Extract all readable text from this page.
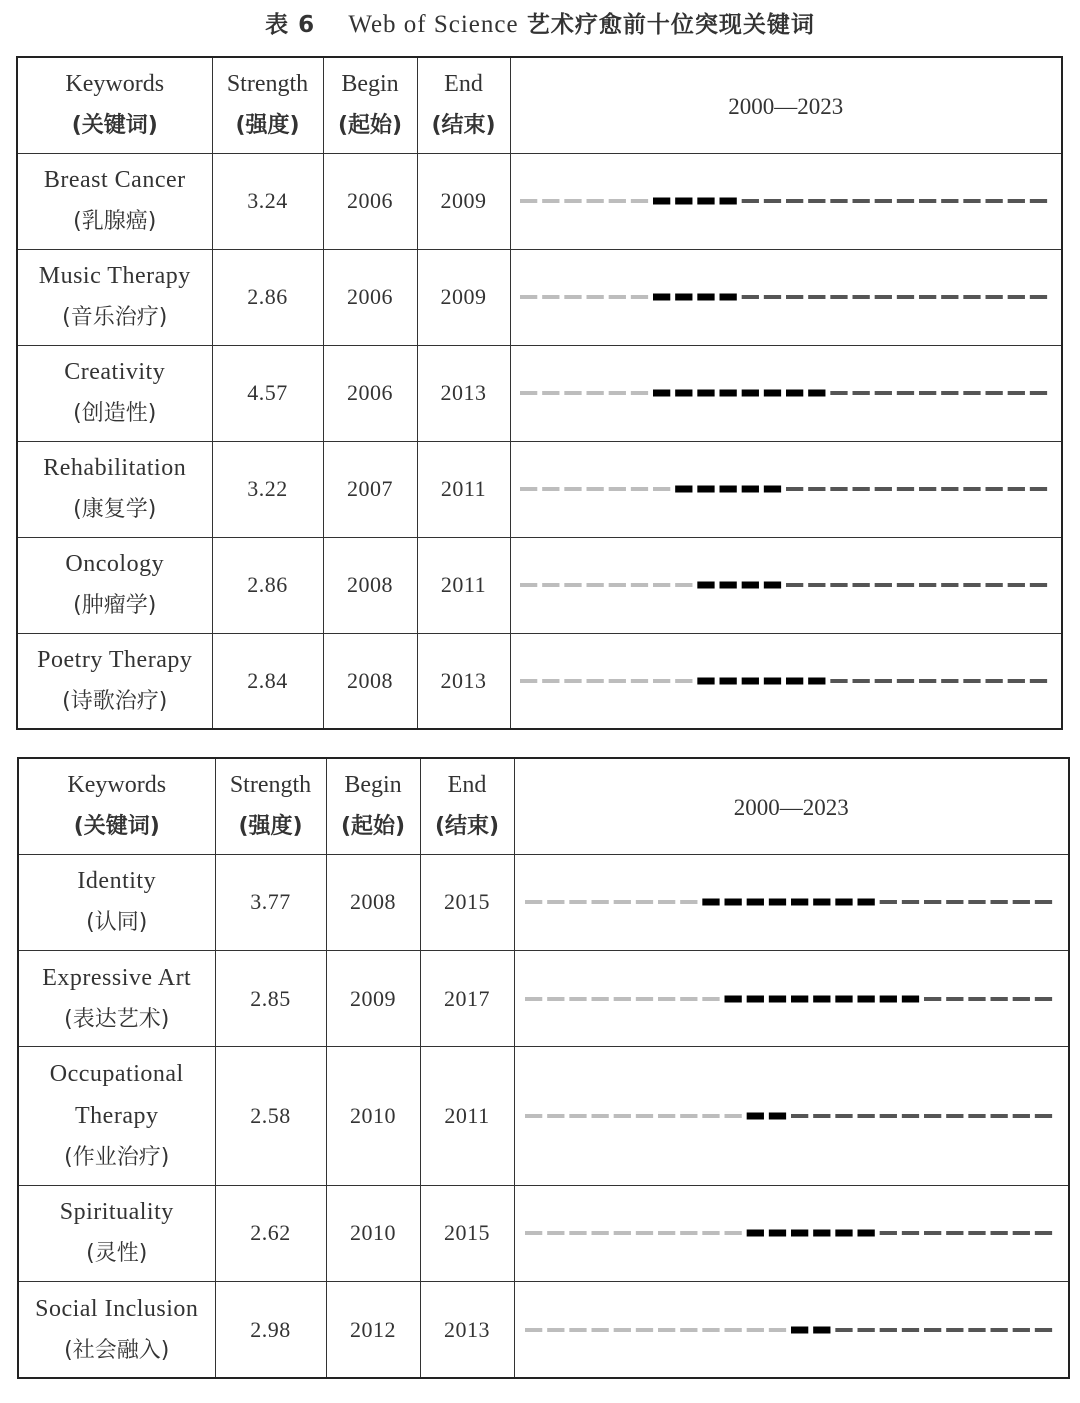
表 6 Web of Science 艺术疗愈前十位突现关键词
Keywords
(关键词)	Strength
(强度)	Begin
(起始)	End
(结束)	2000—2023

Breast Cancer
(乳腺癌)	3.24	2006	2009	

Music Therapy
(音乐治疗)	2.86	2006	2009	

Creativity
(创造性)	4.57	2006	2013	

Rehabilitation
(康复学)	3.22	2007	2011	

Oncology
(肿瘤学)	2.86	2008	2011	

Poetry Therapy
(诗歌治疗)	2.84	2008	2013	
Keywords
(关键词)	Strength
(强度)	Begin
(起始)	End
(结束)	2000—2023

Identity
(认同)	3.77	2008	2015	

Expressive Art
(表达艺术)	2.85	2009	2017	

Occupational Therapy
(作业治疗)	2.58	2010	2011	

Spirituality
(灵性)	2.62	2010	2015	

Social Inclusion
(社会融入)	2.98	2012	2013	
